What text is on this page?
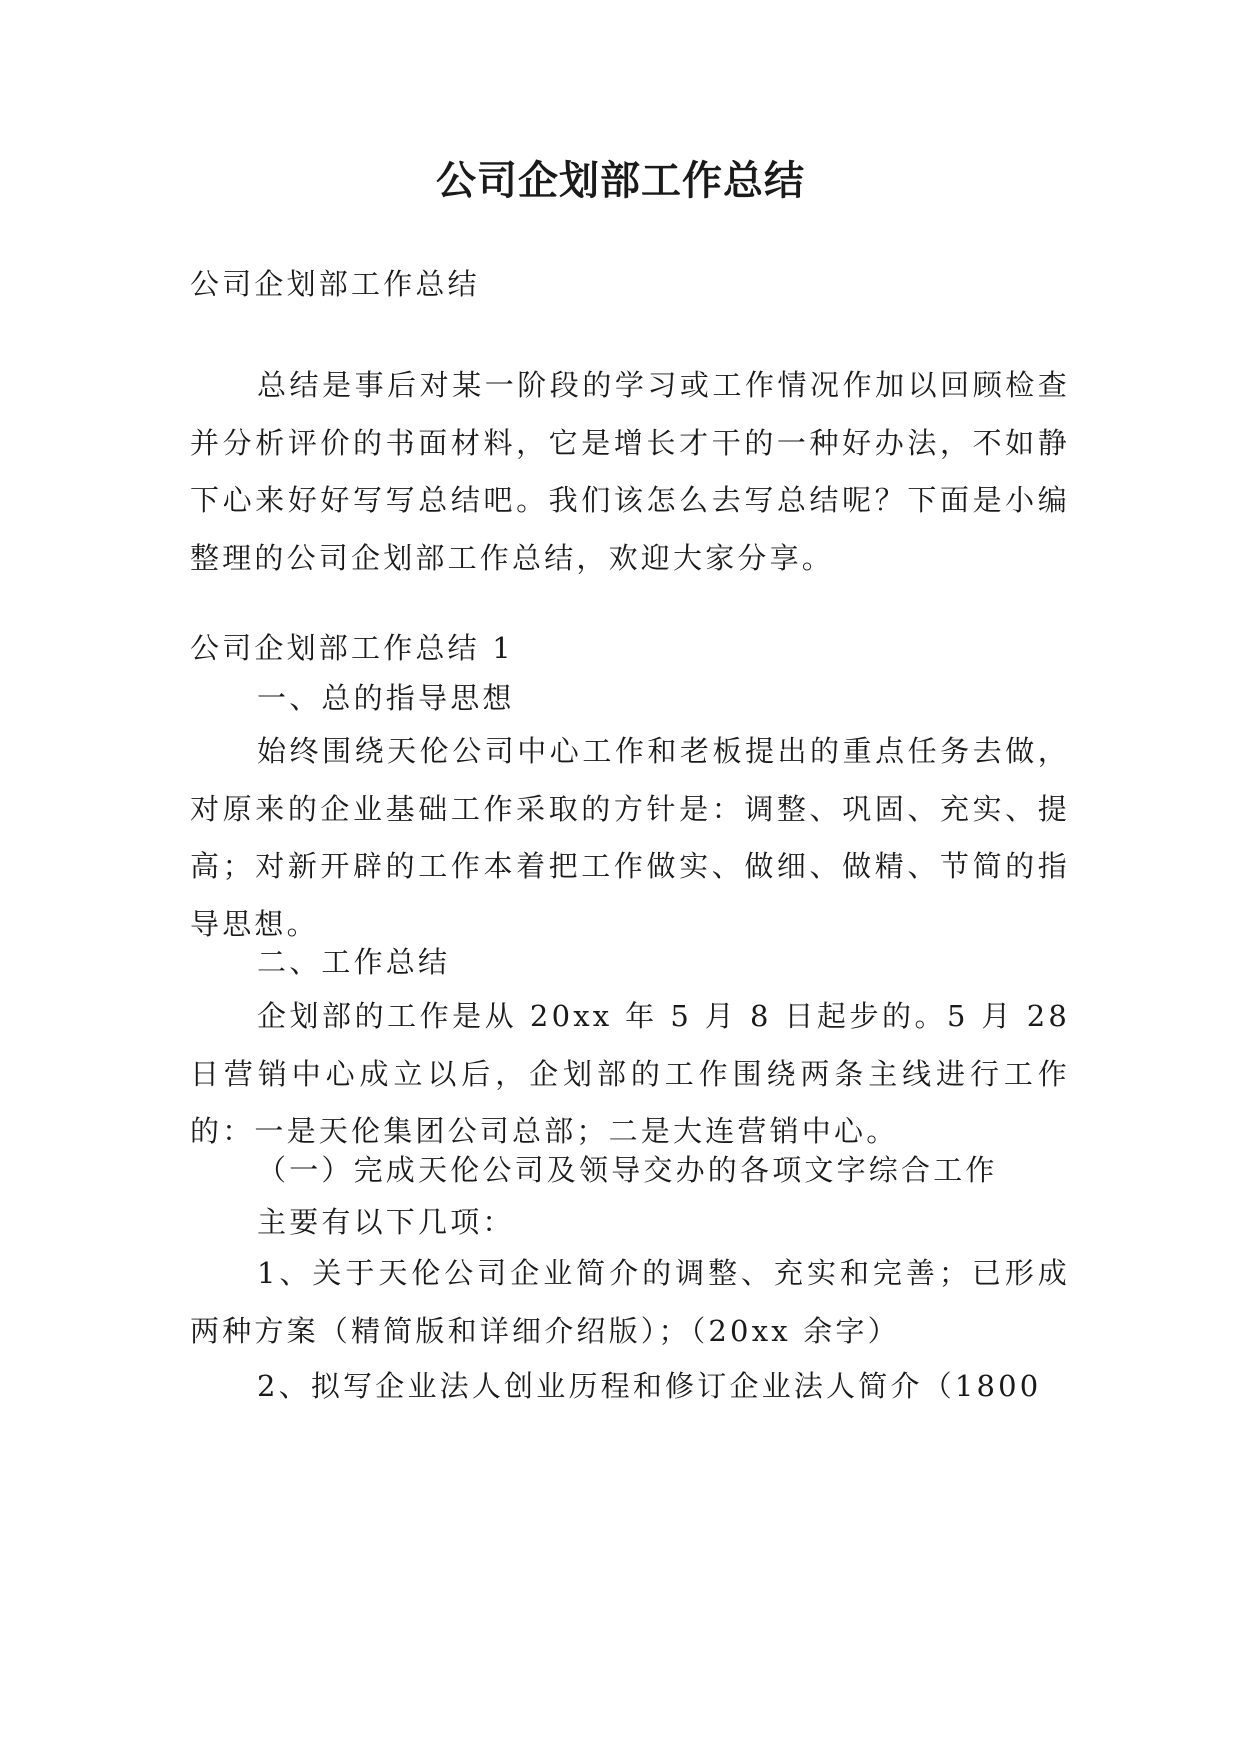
公司企划部工作总结
公司企划部工作总结

总结是事后对某一阶段的学习或工作情况作加以回顾检查并分析评价的书面材料，它是增长才干的一种好办法，不如静下心来好好写写总结吧。我们该怎么去写总结呢？下面是小编整理的公司企划部工作总结，欢迎大家分享。

公司企划部工作总结 1
一、总的指导思想

始终围绕天伦公司中心工作和老板提出的重点任务去做，对原来的企业基础工作采取的方针是：调整、巩固、充实、提高；对新开辟的工作本着把工作做实、做细、做精、节简的指导思想。

二、工作总结

企划部的工作是从 20xx 年 5 月 8 日起步的。5 月 28 日营销中心成立以后，企划部的工作围绕两条主线进行工作的：一是天伦集团公司总部；二是大连营销中心。

（一）完成天伦公司及领导交办的各项文字综合工作
主要有以下几项：

1、关于天伦公司企业简介的调整、充实和完善；已形成两种方案（精简版和详细介绍版）；（20xx 余字）

2、拟写企业法人创业历程和修订企业法人简介（1800
